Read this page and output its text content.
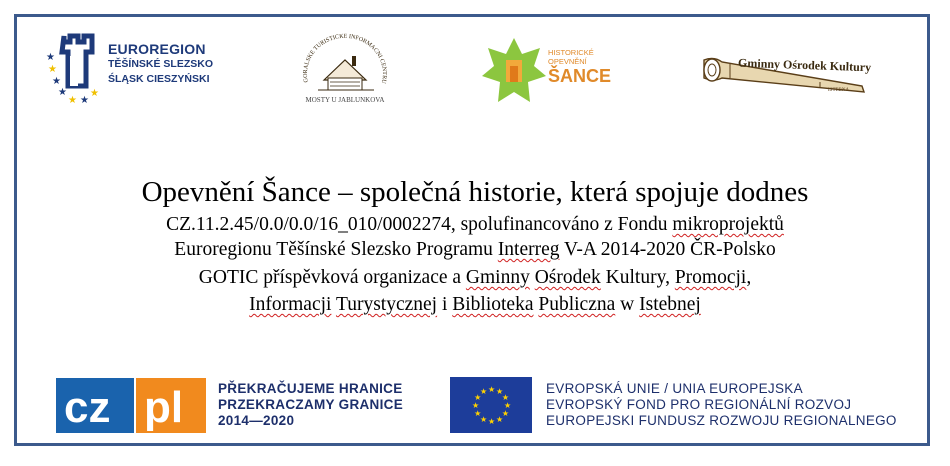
★
★
★
★ ★
★
★
EUROREGION
TĚŠÍNSKÉ SLEZSKO
ŚLĄSK CIESZYŃSKI	GORALSKE TURISTICKE INFORMACNI CENTRU
MOSTY U JABLUNKOVA
HISTORICKÉ
OPEVNĚNÍ
ŠANCE
ISTEBNA
Gminny Ośrodek Kultury
Opevnění Šance – společná historie, která spojuje dodnes
CZ.11.2.45/0.0/0.0/16_010/0002274, spolufinancováno z Fondu mikroprojektů
Euroregionu Těšínské Slezsko Programu Interreg V-A 2014-2020 ČR-Polsko
GOTIC příspěvková organizace a Gminny Ośrodek Kultury, Promocji,
Informacji Turystycznej i Biblioteka Publiczna w Istebnej
cz pl	PŘEKRAČUJEME HRANICE
PRZEKRACZAMY GRANICE
2014—2020
★ ★
★
★
★
★
★
★
★
★
★
★	EVROPSKÁ UNIE / UNIA EUROPEJSKA
EVROPSKÝ FOND PRO REGIONÁLNÍ ROZVOJ
EUROPEJSKI FUNDUSZ ROZWOJU REGIONALNEGO
